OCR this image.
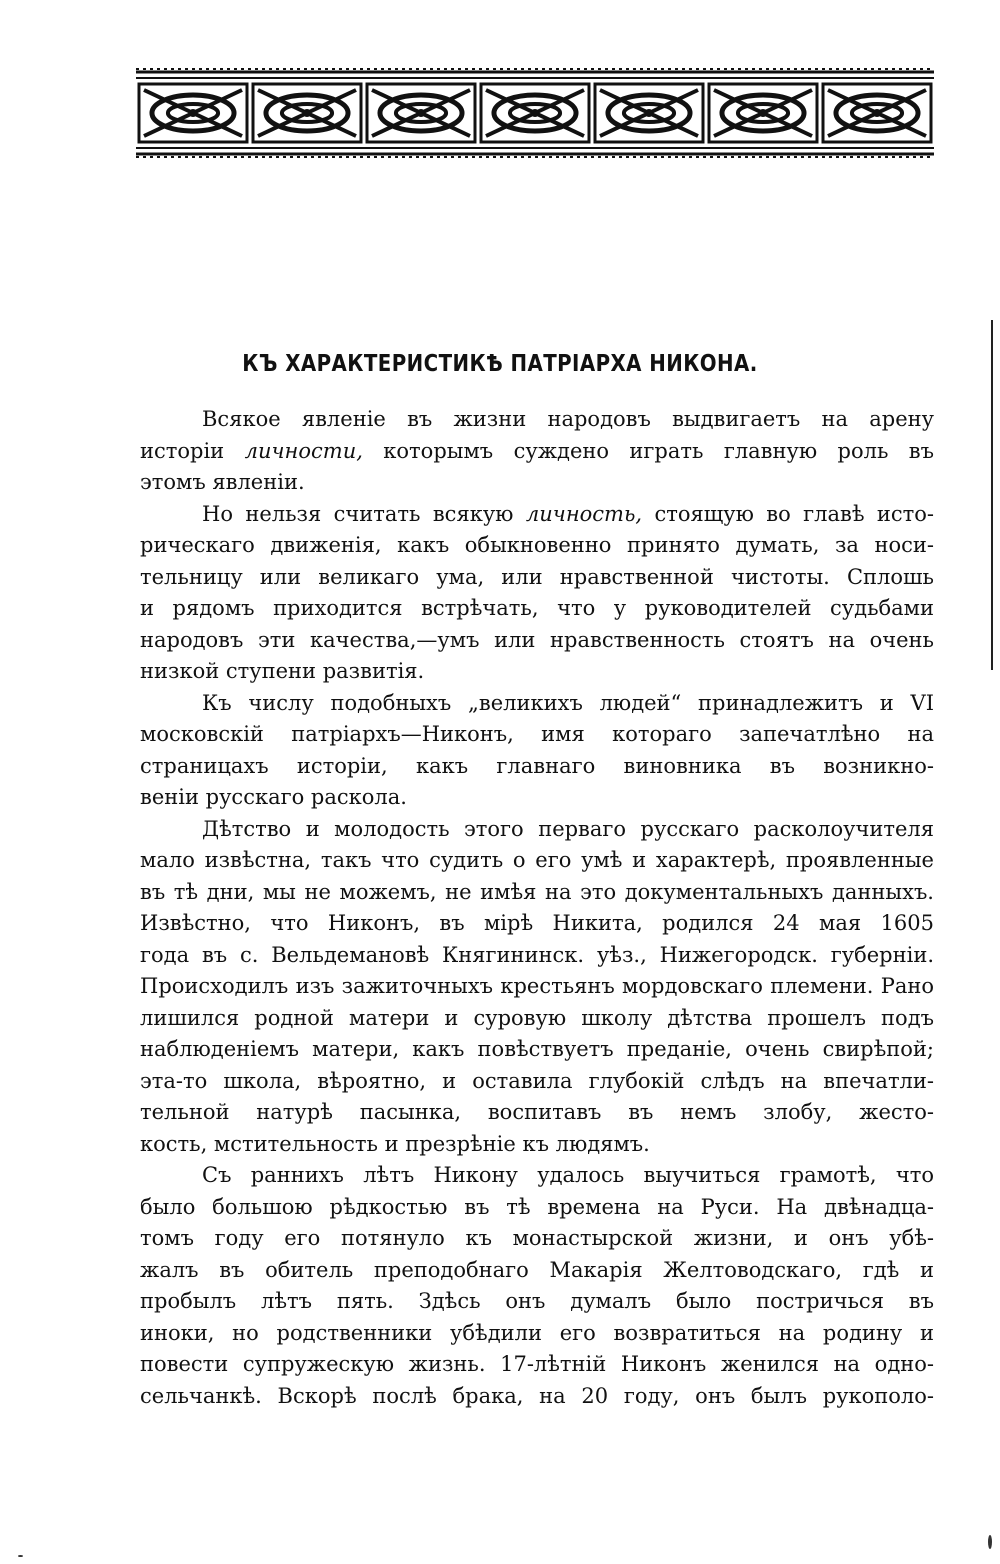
КЪ ХАРАКТЕРИСТИКѢ ПАТРІАРХА НИКОНА.

Всякое явленіе въ жизни народовъ выдвигаетъ на арену

исторіи личности, которымъ суждено играть главную роль въ

этомъ явленіи.

Но нельзя считать всякую личность, стоящую во главѣ исто-

рическаго движенія, какъ обыкновенно принято думать, за носи-

тельницу или великаго ума, или нравственной чистоты. Сплошь

и рядомъ приходится встрѣчать, что у руководителей судьбами

народовъ эти качества,—умъ или нравственность стоятъ на очень

низкой ступени развитія.

Къ числу подобныхъ „великихъ людей“ принадлежитъ и VI

московскій патріархъ—Никонъ, имя котораго запечатлѣно на

страницахъ исторіи, какъ главнаго виновника въ возникно-

веніи русскаго раскола.

Дѣтство и молодость этого перваго русскаго расколоучителя

мало извѣстна, такъ что судить о его умѣ и характерѣ, проявленные

въ тѣ дни, мы не можемъ, не имѣя на это документальныхъ данныхъ.

Извѣстно, что Никонъ, въ мірѣ Никита, родился 24 мая 1605

года въ с. Вельдемановѣ Княгининск. уѣз., Нижегородск. губерніи.

Происходилъ изъ зажиточныхъ крестьянъ мордовскаго племени. Рано

лишился родной матери и суровую школу дѣтства прошелъ подъ

наблюденіемъ матери, какъ повѣствуетъ преданіе, очень свирѣпой;

эта-то школа, вѣроятно, и оставила глубокій слѣдъ на впечатли-

тельной натурѣ пасынка, воспитавъ въ немъ злобу, жесто-

кость, мстительность и презрѣніе къ людямъ.

Съ раннихъ лѣтъ Никону удалось выучиться грамотѣ, что

было большою рѣдкостью въ тѣ времена на Руси. На двѣнадца-

томъ году его потянуло къ монастырской жизни, и онъ убѣ-

жалъ въ обитель преподобнаго Макарія Желтоводскаго, гдѣ и

пробылъ лѣтъ пять. Здѣсь онъ думалъ было постричься въ

иноки, но родственники убѣдили его возвратиться на родину и

повести супружескую жизнь. 17-лѣтній Никонъ женился на одно-

сельчанкѣ. Вскорѣ послѣ брака, на 20 году, онъ былъ рукополо-
